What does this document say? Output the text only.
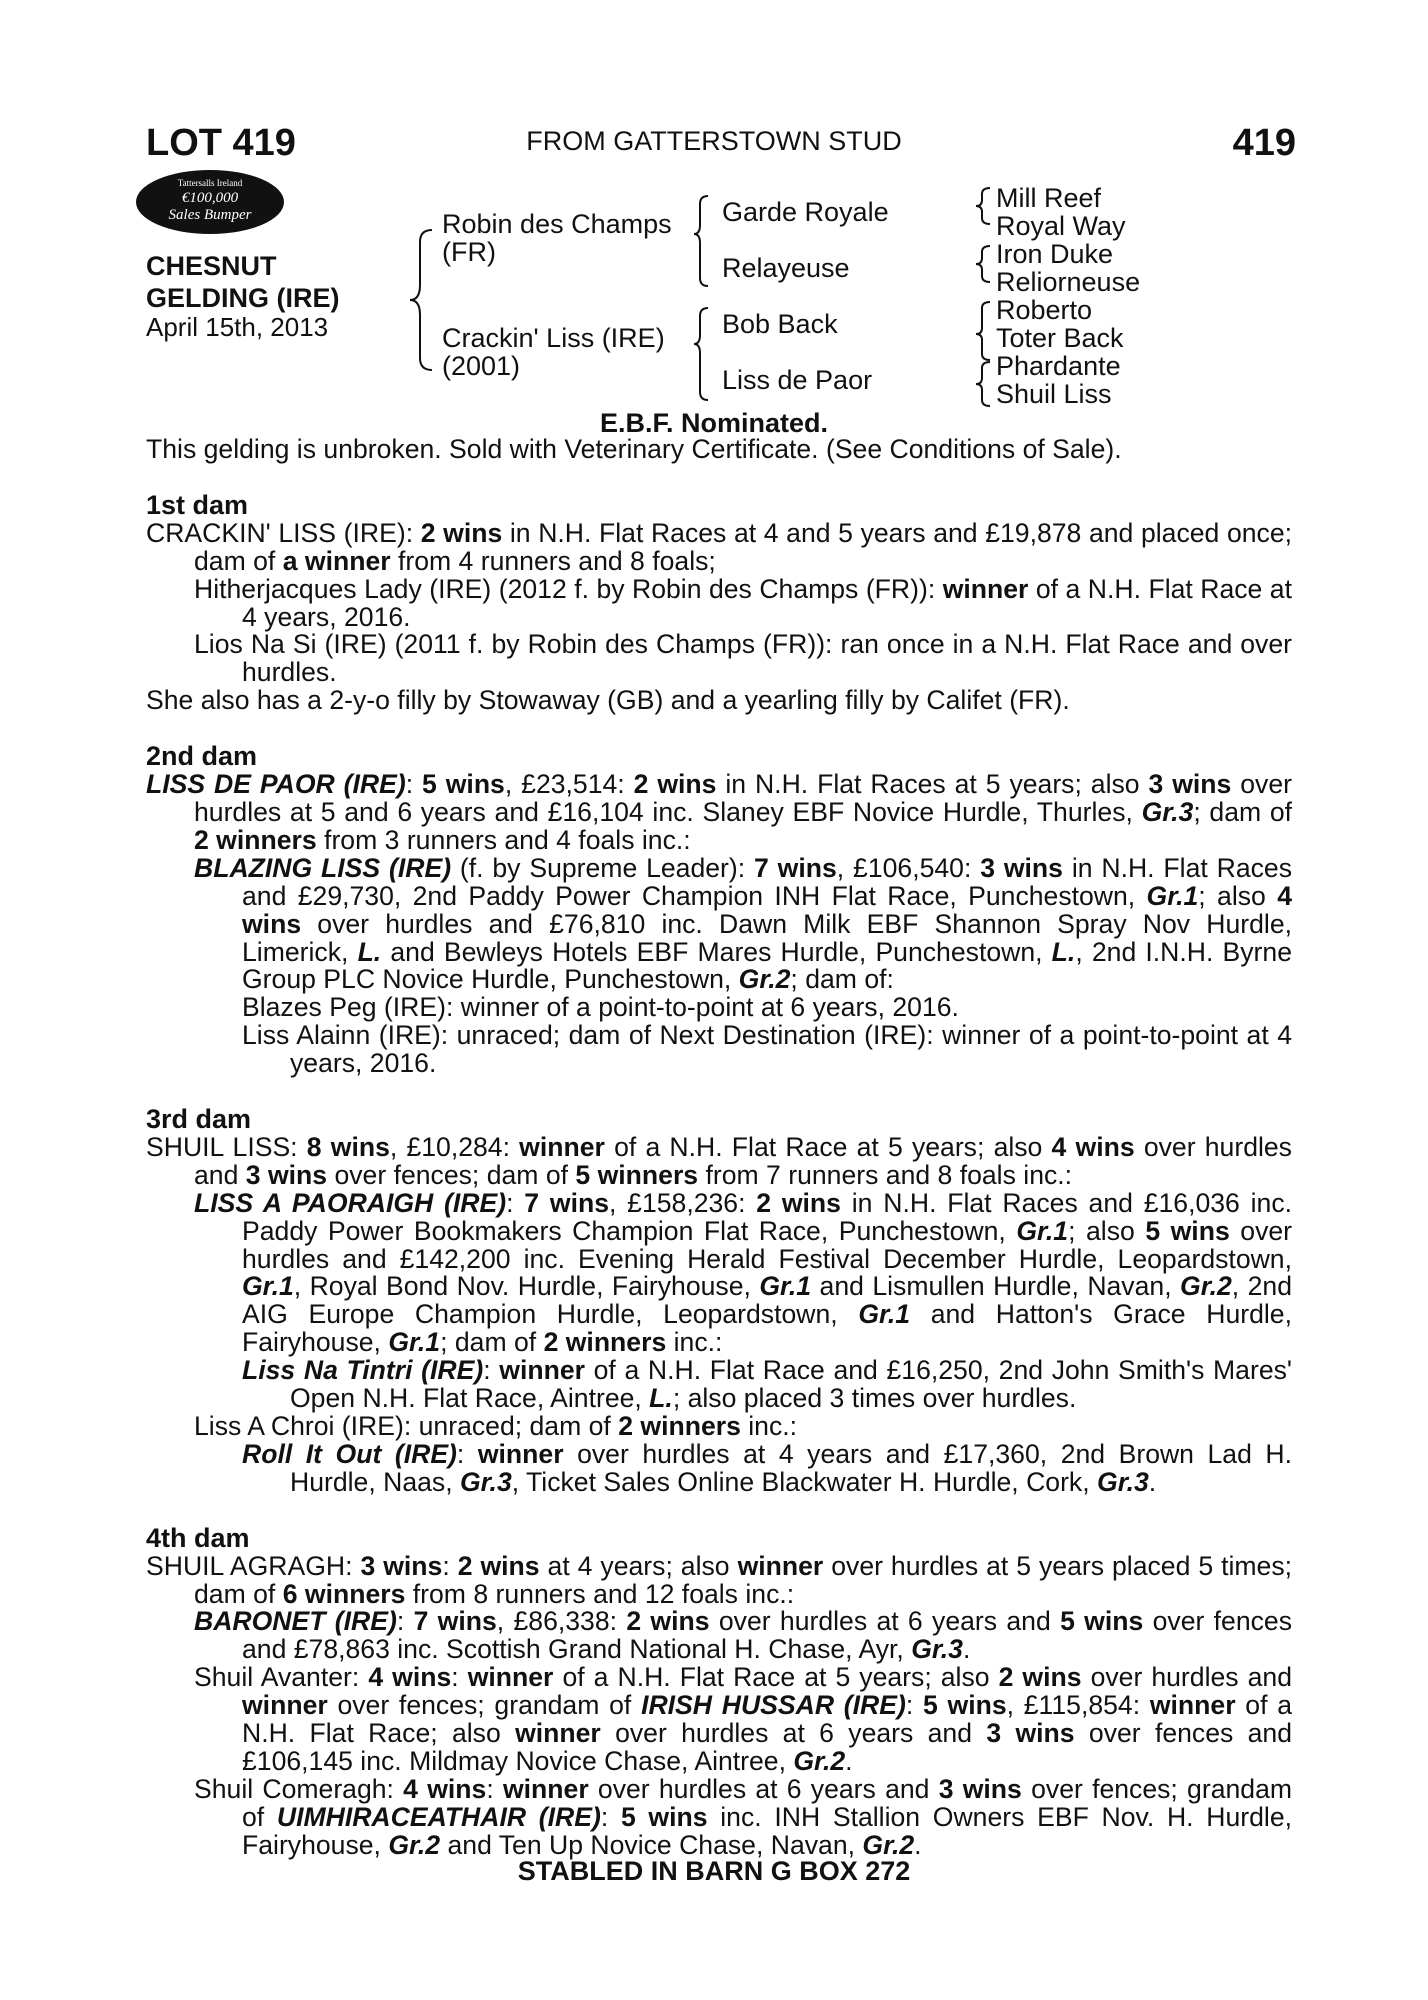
LOT 419	FROM GATTERSTOWN STUD	419
Tattersalls Ireland
€100,000
Sales Bumper
CHESNUT
GELDING (IRE)
April 15th, 2013
Robin des Champs
(FR)
Crackin' Liss (IRE)
(2001)
Garde Royale
Relayeuse
Bob Back
Liss de Paor
Mill Reef
Royal Way
Iron Duke
Reliorneuse
Roberto
Toter Back
Phardante
Shuil Liss
E.B.F. Nominated.

This gelding is unbroken. Sold with Veterinary Certificate. (See Conditions of Sale).

1st dam

CRACKIN' LISS (IRE): 2 wins in N.H. Flat Races at 4 and 5 years and £19,878 and placed once; dam of a winner from 4 runners and 8 foals;

Hitherjacques Lady (IRE) (2012 f. by Robin des Champs (FR)): winner of a N.H. Flat Race at 4 years, 2016.

Lios Na Si (IRE) (2011 f. by Robin des Champs (FR)): ran once in a N.H. Flat Race and over hurdles.

She also has a 2-y-o filly by Stowaway (GB) and a yearling filly by Califet (FR).

2nd dam

LISS DE PAOR (IRE): 5 wins, £23,514: 2 wins in N.H. Flat Races at 5 years; also 3 wins over hurdles at 5 and 6 years and £16,104 inc. Slaney EBF Novice Hurdle, Thurles, Gr.3; dam of 2 winners from 3 runners and 4 foals inc.:

BLAZING LISS (IRE) (f. by Supreme Leader): 7 wins, £106,540: 3 wins in N.H. Flat Races and £29,730, 2nd Paddy Power Champion INH Flat Race, Punchestown, Gr.1; also 4 wins over hurdles and £76,810 inc. Dawn Milk EBF Shannon Spray Nov Hurdle, Limerick, L. and Bewleys Hotels EBF Mares Hurdle, Punchestown, L., 2nd I.N.H. Byrne Group PLC Novice Hurdle, Punchestown, Gr.2; dam of:

Blazes Peg (IRE): winner of a point-to-point at 6 years, 2016.

Liss Alainn (IRE): unraced; dam of Next Destination (IRE): winner of a point-to-point at 4 years, 2016.

3rd dam

SHUIL LISS: 8 wins, £10,284: winner of a N.H. Flat Race at 5 years; also 4 wins over hurdles and 3 wins over fences; dam of 5 winners from 7 runners and 8 foals inc.:

LISS A PAORAIGH (IRE): 7 wins, £158,236: 2 wins in N.H. Flat Races and £16,036 inc. Paddy Power Bookmakers Champion Flat Race, Punchestown, Gr.1; also 5 wins over hurdles and £142,200 inc. Evening Herald Festival December Hurdle, Leopardstown, Gr.1, Royal Bond Nov. Hurdle, Fairyhouse, Gr.1 and Lismullen Hurdle, Navan, Gr.2, 2nd AIG Europe Champion Hurdle, Leopardstown, Gr.1 and Hatton's Grace Hurdle, Fairyhouse, Gr.1; dam of 2 winners inc.:

Liss Na Tintri (IRE): winner of a N.H. Flat Race and £16,250, 2nd John Smith's Mares' Open N.H. Flat Race, Aintree, L.; also placed 3 times over hurdles.

Liss A Chroi (IRE): unraced; dam of 2 winners inc.:

Roll It Out (IRE): winner over hurdles at 4 years and £17,360, 2nd Brown Lad H. Hurdle, Naas, Gr.3, Ticket Sales Online Blackwater H. Hurdle, Cork, Gr.3.

4th dam

SHUIL AGRAGH: 3 wins: 2 wins at 4 years; also winner over hurdles at 5 years placed 5 times; dam of 6 winners from 8 runners and 12 foals inc.:

BARONET (IRE): 7 wins, £86,338: 2 wins over hurdles at 6 years and 5 wins over fences and £78,863 inc. Scottish Grand National H. Chase, Ayr, Gr.3.

Shuil Avanter: 4 wins: winner of a N.H. Flat Race at 5 years; also 2 wins over hurdles and winner over fences; grandam of IRISH HUSSAR (IRE): 5 wins, £115,854: winner of a N.H. Flat Race; also winner over hurdles at 6 years and 3 wins over fences and £106,145 inc. Mildmay Novice Chase, Aintree, Gr.2.

Shuil Comeragh: 4 wins: winner over hurdles at 6 years and 3 wins over fences; grandam of UIMHIRACEATHAIR (IRE): 5 wins inc. INH Stallion Owners EBF Nov. H. Hurdle, Fairyhouse, Gr.2 and Ten Up Novice Chase, Navan, Gr.2.

STABLED IN BARN G BOX 272
